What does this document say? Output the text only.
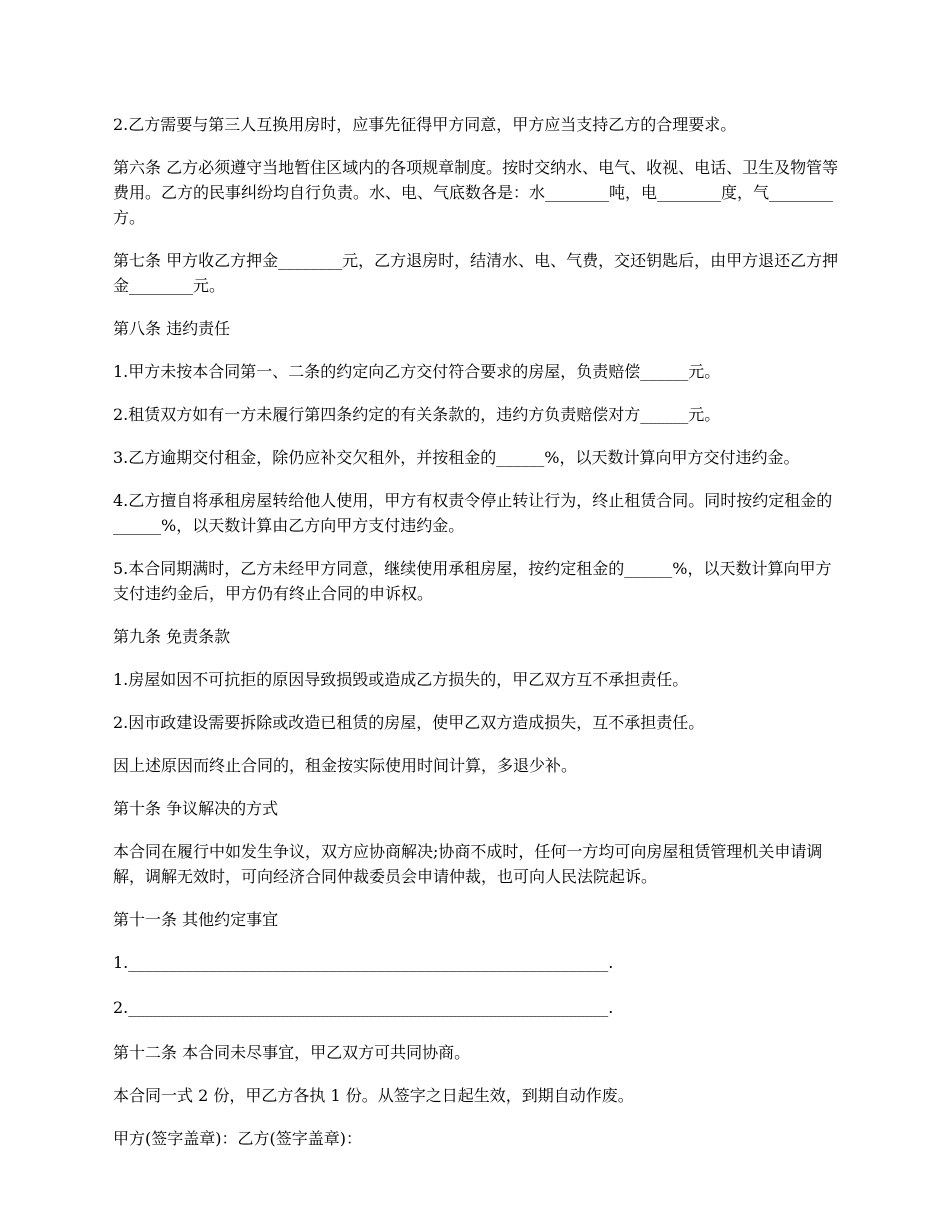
2.乙方需要与第三人互换用房时，应事先征得甲方同意，甲方应当支持乙方的合理要求。

第六条 乙方必须遵守当地暂住区域内的各项规章制度。按时交纳水、电气、收视、电话、卫生及物管等费用。乙方的民事纠纷均自行负责。水、电、气底数各是：水________吨，电________度，气________方。

第七条 甲方收乙方押金________元，乙方退房时，结清水、电、气费，交还钥匙后，由甲方退还乙方押金________元。

第八条 违约责任

1.甲方未按本合同第一、二条的约定向乙方交付符合要求的房屋，负责赔偿______元。

2.租赁双方如有一方未履行第四条约定的有关条款的，违约方负责赔偿对方______元。

3.乙方逾期交付租金，除仍应补交欠租外，并按租金的______%，以天数计算向甲方交付违约金。

4.乙方擅自将承租房屋转给他人使用，甲方有权责令停止转让行为，终止租赁合同。同时按约定租金的______%，以天数计算由乙方向甲方支付违约金。

5.本合同期满时，乙方未经甲方同意，继续使用承租房屋，按约定租金的______%，以天数计算向甲方支付违约金后，甲方仍有终止合同的申诉权。

第九条 免责条款

1.房屋如因不可抗拒的原因导致损毁或造成乙方损失的，甲乙双方互不承担责任。

2.因市政建设需要拆除或改造已租赁的房屋，使甲乙双方造成损失，互不承担责任。

因上述原因而终止合同的，租金按实际使用时间计算，多退少补。

第十条 争议解决的方式

本合同在履行中如发生争议，双方应协商解决;协商不成时，任何一方均可向房屋租赁管理机关申请调解，调解无效时，可向经济合同仲裁委员会申请仲裁，也可向人民法院起诉。

第十一条 其他约定事宜

1.____________________________________________________________.

2.____________________________________________________________.

第十二条 本合同未尽事宜，甲乙双方可共同协商。

本合同一式 2 份，甲乙方各执 1 份。从签字之日起生效，到期自动作废。

甲方(签字盖章)：乙方(签字盖章)：
